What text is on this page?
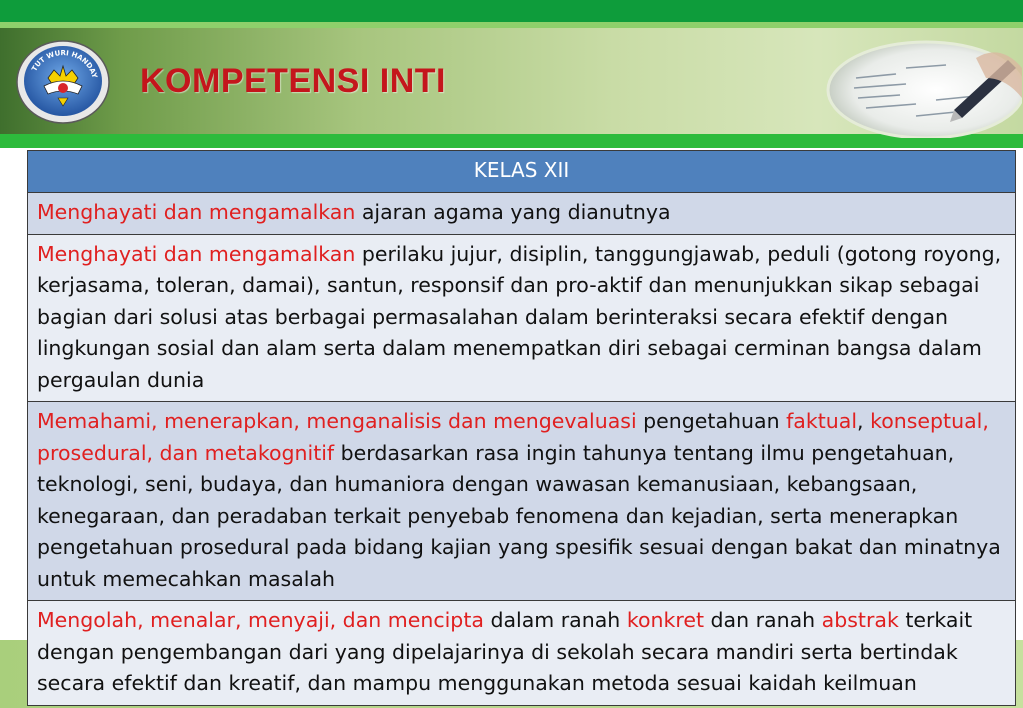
TUT WURI HANDAY KOMPETENSI INTI
KELAS XII
Menghayati dan mengamalkan ajaran agama yang dianutnya
Menghayati dan mengamalkan perilaku jujur, disiplin, tanggungjawab, peduli (gotong royong, kerjasama, toleran, damai), santun, responsif dan pro-aktif dan menunjukkan sikap sebagai bagian dari solusi atas berbagai permasalahan dalam berinteraksi secara efektif dengan lingkungan sosial dan alam serta dalam menempatkan diri sebagai cerminan bangsa dalam pergaulan dunia
Memahami, menerapkan, menganalisis dan mengevaluasi pengetahuan faktual, konseptual, prosedural, dan metakognitif berdasarkan rasa ingin tahunya tentang ilmu pengetahuan, teknologi, seni, budaya, dan humaniora dengan wawasan kemanusiaan, kebangsaan, kenegaraan, dan peradaban terkait penyebab fenomena dan kejadian, serta menerapkan pengetahuan prosedural pada bidang kajian yang spesifik sesuai dengan bakat dan minatnya untuk memecahkan masalah
Mengolah, menalar, menyaji, dan mencipta dalam ranah konkret dan ranah abstrak terkait dengan pengembangan dari yang dipelajarinya di sekolah secara mandiri serta bertindak secara efektif dan kreatif, dan mampu menggunakan metoda sesuai kaidah keilmuan
